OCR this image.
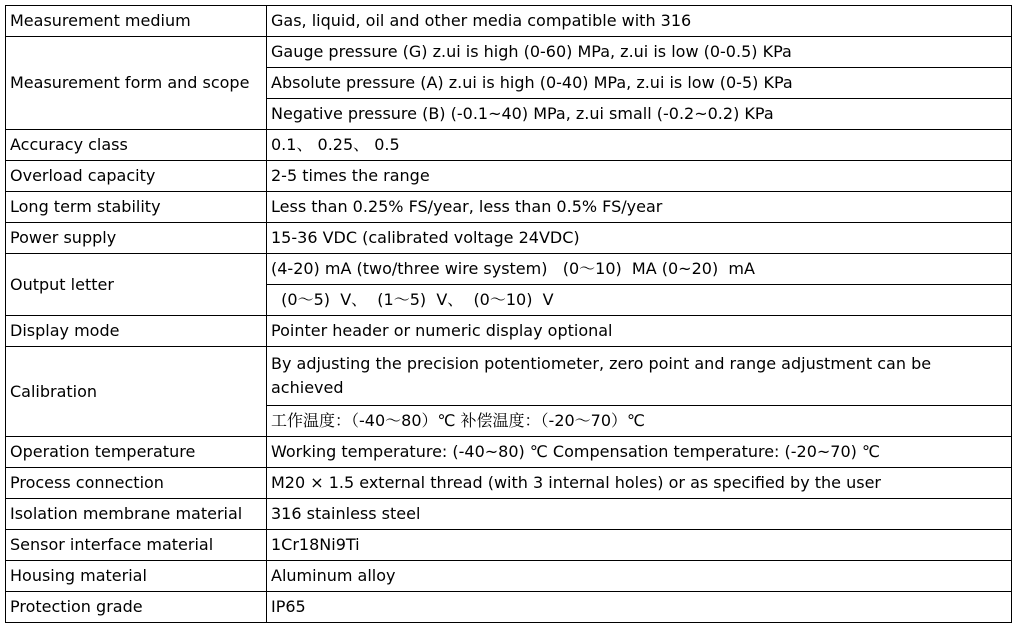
Measurement medium	Gas, liquid, oil and other media compatible with 316
Measurement form and scope	Gauge pressure (G) z.ui is high (0-60) MPa, z.ui is low (0-0.5) KPa
	Absolute pressure (A) z.ui is high (0-40) MPa, z.ui is low (0-5) KPa
	Negative pressure (B) (-0.1~40) MPa, z.ui small (-0.2~0.2) KPa
Accuracy class	0.1、 0.25、 0.5
Overload capacity	2-5 times the range
Long term stability	Less than 0.25% FS/year, less than 0.5% FS/year
Power supply	15-36 VDC (calibrated voltage 24VDC)
Output letter	(4-20) mA (two/three wire system)   (0～10)  MA (0~20)  mA
	(0～5)  V、  (1～5)  V、  (0～10)  V
Display mode	Pointer header or numeric display optional
Calibration	By adjusting the precision potentiometer, zero point and range adjustment can be achieved
	工作温度：（-40～80）℃ 补偿温度：（-20～70）℃
Operation temperature	Working temperature: (-40~80) ℃ Compensation temperature: (-20~70) ℃
Process connection	M20 × 1.5 external thread (with 3 internal holes) or as specified by the user
Isolation membrane material	316 stainless steel
Sensor interface material	1Cr18Ni9Ti
Housing material	Aluminum alloy
Protection grade	IP65
